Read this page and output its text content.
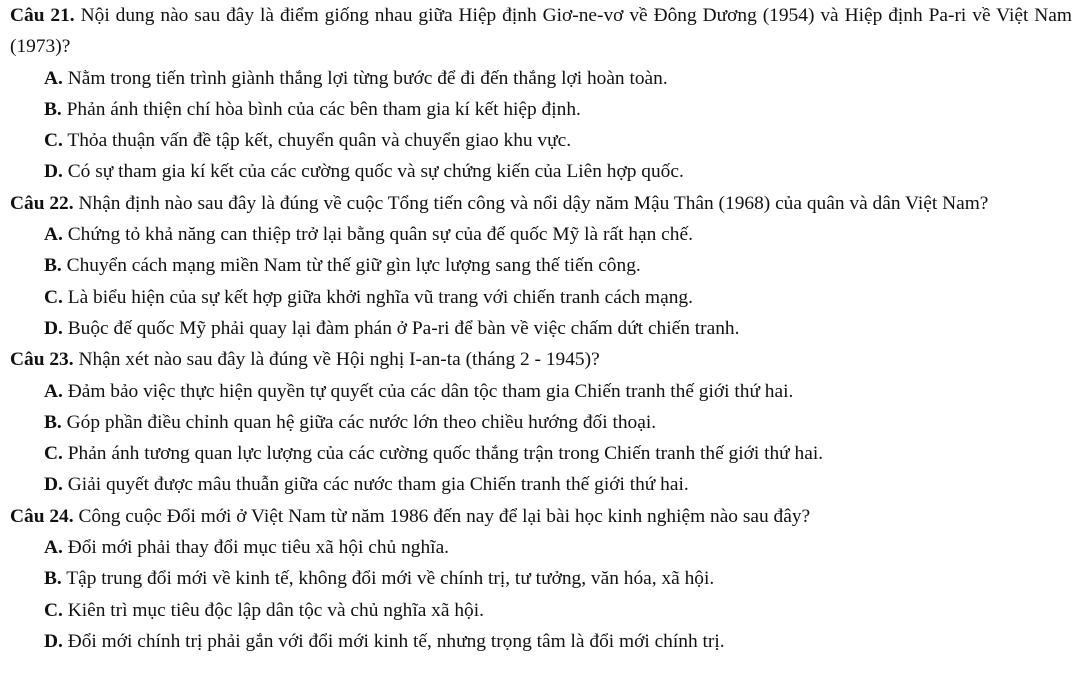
Câu 21. Nội dung nào sau đây là điểm giống nhau giữa Hiệp định Giơ-ne-vơ về Đông Dương (1954) và Hiệp định Pa-ri về Việt Nam (1973)?

A. Nằm trong tiến trình giành thắng lợi từng bước để đi đến thắng lợi hoàn toàn.

B. Phản ánh thiện chí hòa bình của các bên tham gia kí kết hiệp định.

C. Thỏa thuận vấn đề tập kết, chuyển quân và chuyển giao khu vực.

D. Có sự tham gia kí kết của các cường quốc và sự chứng kiến của Liên hợp quốc.

Câu 22. Nhận định nào sau đây là đúng về cuộc Tổng tiến công và nổi dậy năm Mậu Thân (1968) của quân và dân Việt Nam?

A. Chứng tỏ khả năng can thiệp trở lại bằng quân sự của đế quốc Mỹ là rất hạn chế.

B. Chuyển cách mạng miền Nam từ thế giữ gìn lực lượng sang thế tiến công.

C. Là biểu hiện của sự kết hợp giữa khởi nghĩa vũ trang với chiến tranh cách mạng.

D. Buộc đế quốc Mỹ phải quay lại đàm phán ở Pa-ri để bàn về việc chấm dứt chiến tranh.

Câu 23. Nhận xét nào sau đây là đúng về Hội nghị I-an-ta (tháng 2 - 1945)?

A. Đảm bảo việc thực hiện quyền tự quyết của các dân tộc tham gia Chiến tranh thế giới thứ hai.

B. Góp phần điều chỉnh quan hệ giữa các nước lớn theo chiều hướng đối thoại.

C. Phản ánh tương quan lực lượng của các cường quốc thắng trận trong Chiến tranh thế giới thứ hai.

D. Giải quyết được mâu thuẫn giữa các nước tham gia Chiến tranh thế giới thứ hai.

Câu 24. Công cuộc Đổi mới ở Việt Nam từ năm 1986 đến nay để lại bài học kinh nghiệm nào sau đây?

A. Đổi mới phải thay đổi mục tiêu xã hội chủ nghĩa.

B. Tập trung đổi mới về kinh tế, không đổi mới về chính trị, tư tưởng, văn hóa, xã hội.

C. Kiên trì mục tiêu độc lập dân tộc và chủ nghĩa xã hội.

D. Đổi mới chính trị phải gắn với đổi mới kinh tế, nhưng trọng tâm là đổi mới chính trị.
